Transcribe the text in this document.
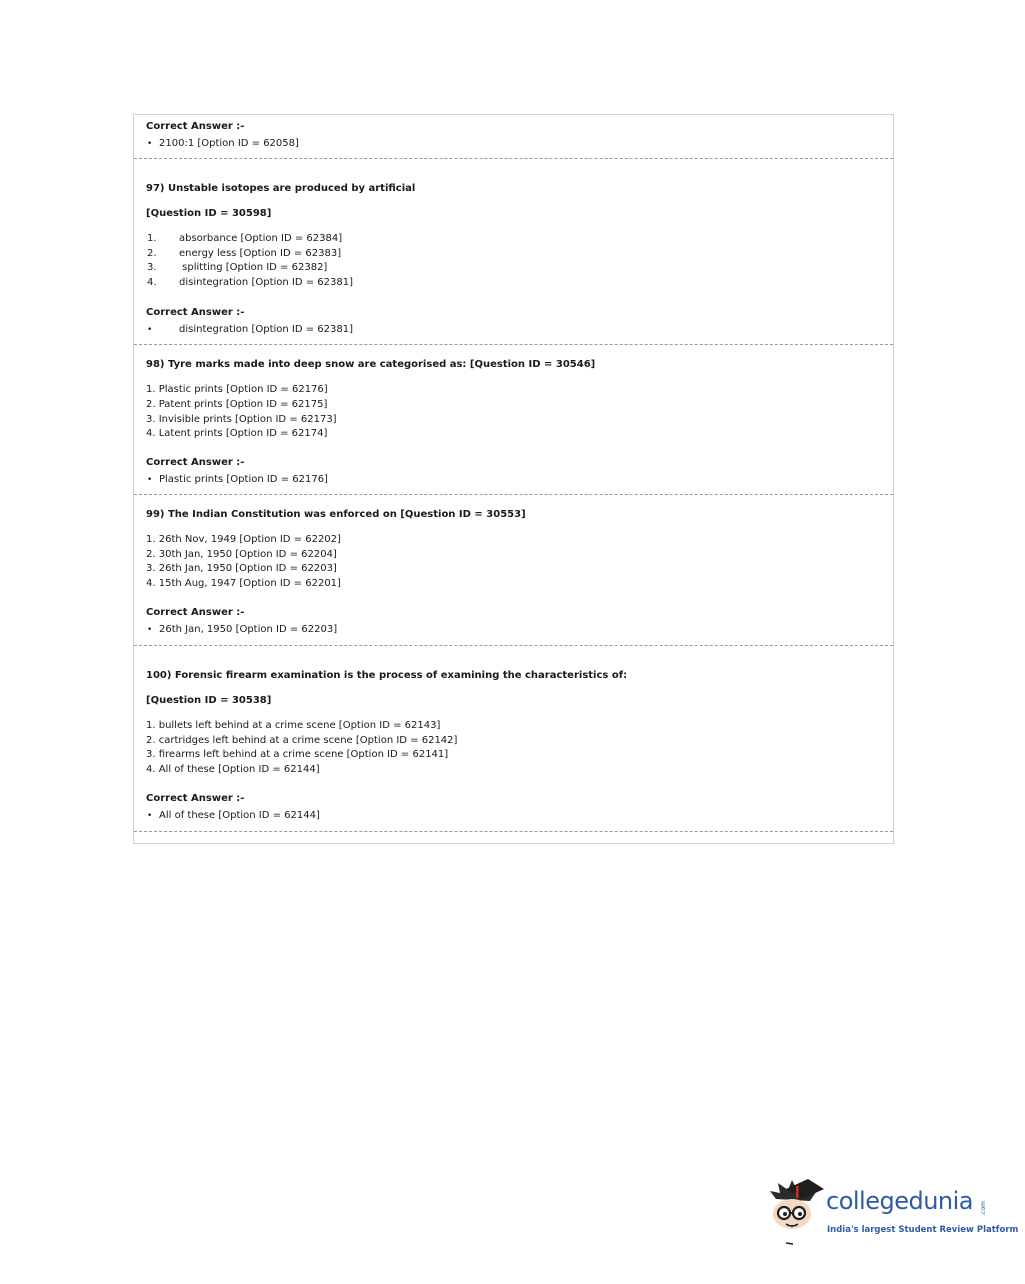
Correct Answer :-
• 2100:1 [Option ID = 62058]
97) Unstable isotopes are produced by artificial
[Question ID = 30598]
1. absorbance [Option ID = 62384]
2. energy less [Option ID = 62383]
3. splitting [Option ID = 62382]
4. disintegration [Option ID = 62381]
Correct Answer :-
•	disintegration [Option ID = 62381]
98) Tyre marks made into deep snow are categorised as: [Question ID = 30546]
1. Plastic prints [Option ID = 62176]
2. Patent prints [Option ID = 62175]
3. Invisible prints [Option ID = 62173]
4. Latent prints [Option ID = 62174]
Correct Answer :-
• Plastic prints [Option ID = 62176]
99) The Indian Constitution was enforced on [Question ID = 30553]
1. 26th Nov, 1949 [Option ID = 62202]
2. 30th Jan, 1950 [Option ID = 62204]
3. 26th Jan, 1950 [Option ID = 62203]
4. 15th Aug, 1947 [Option ID = 62201]
Correct Answer :-
• 26th Jan, 1950 [Option ID = 62203]
100) Forensic firearm examination is the process of examining the characteristics of:
[Question ID = 30538]
1. bullets left behind at a crime scene [Option ID = 62143]
2. cartridges left behind at a crime scene [Option ID = 62142]
3. firearms left behind at a crime scene [Option ID = 62141]
4. All of these [Option ID = 62144]
Correct Answer :-
• All of these [Option ID = 62144]
collegedunia .com
India's largest Student Review Platform
